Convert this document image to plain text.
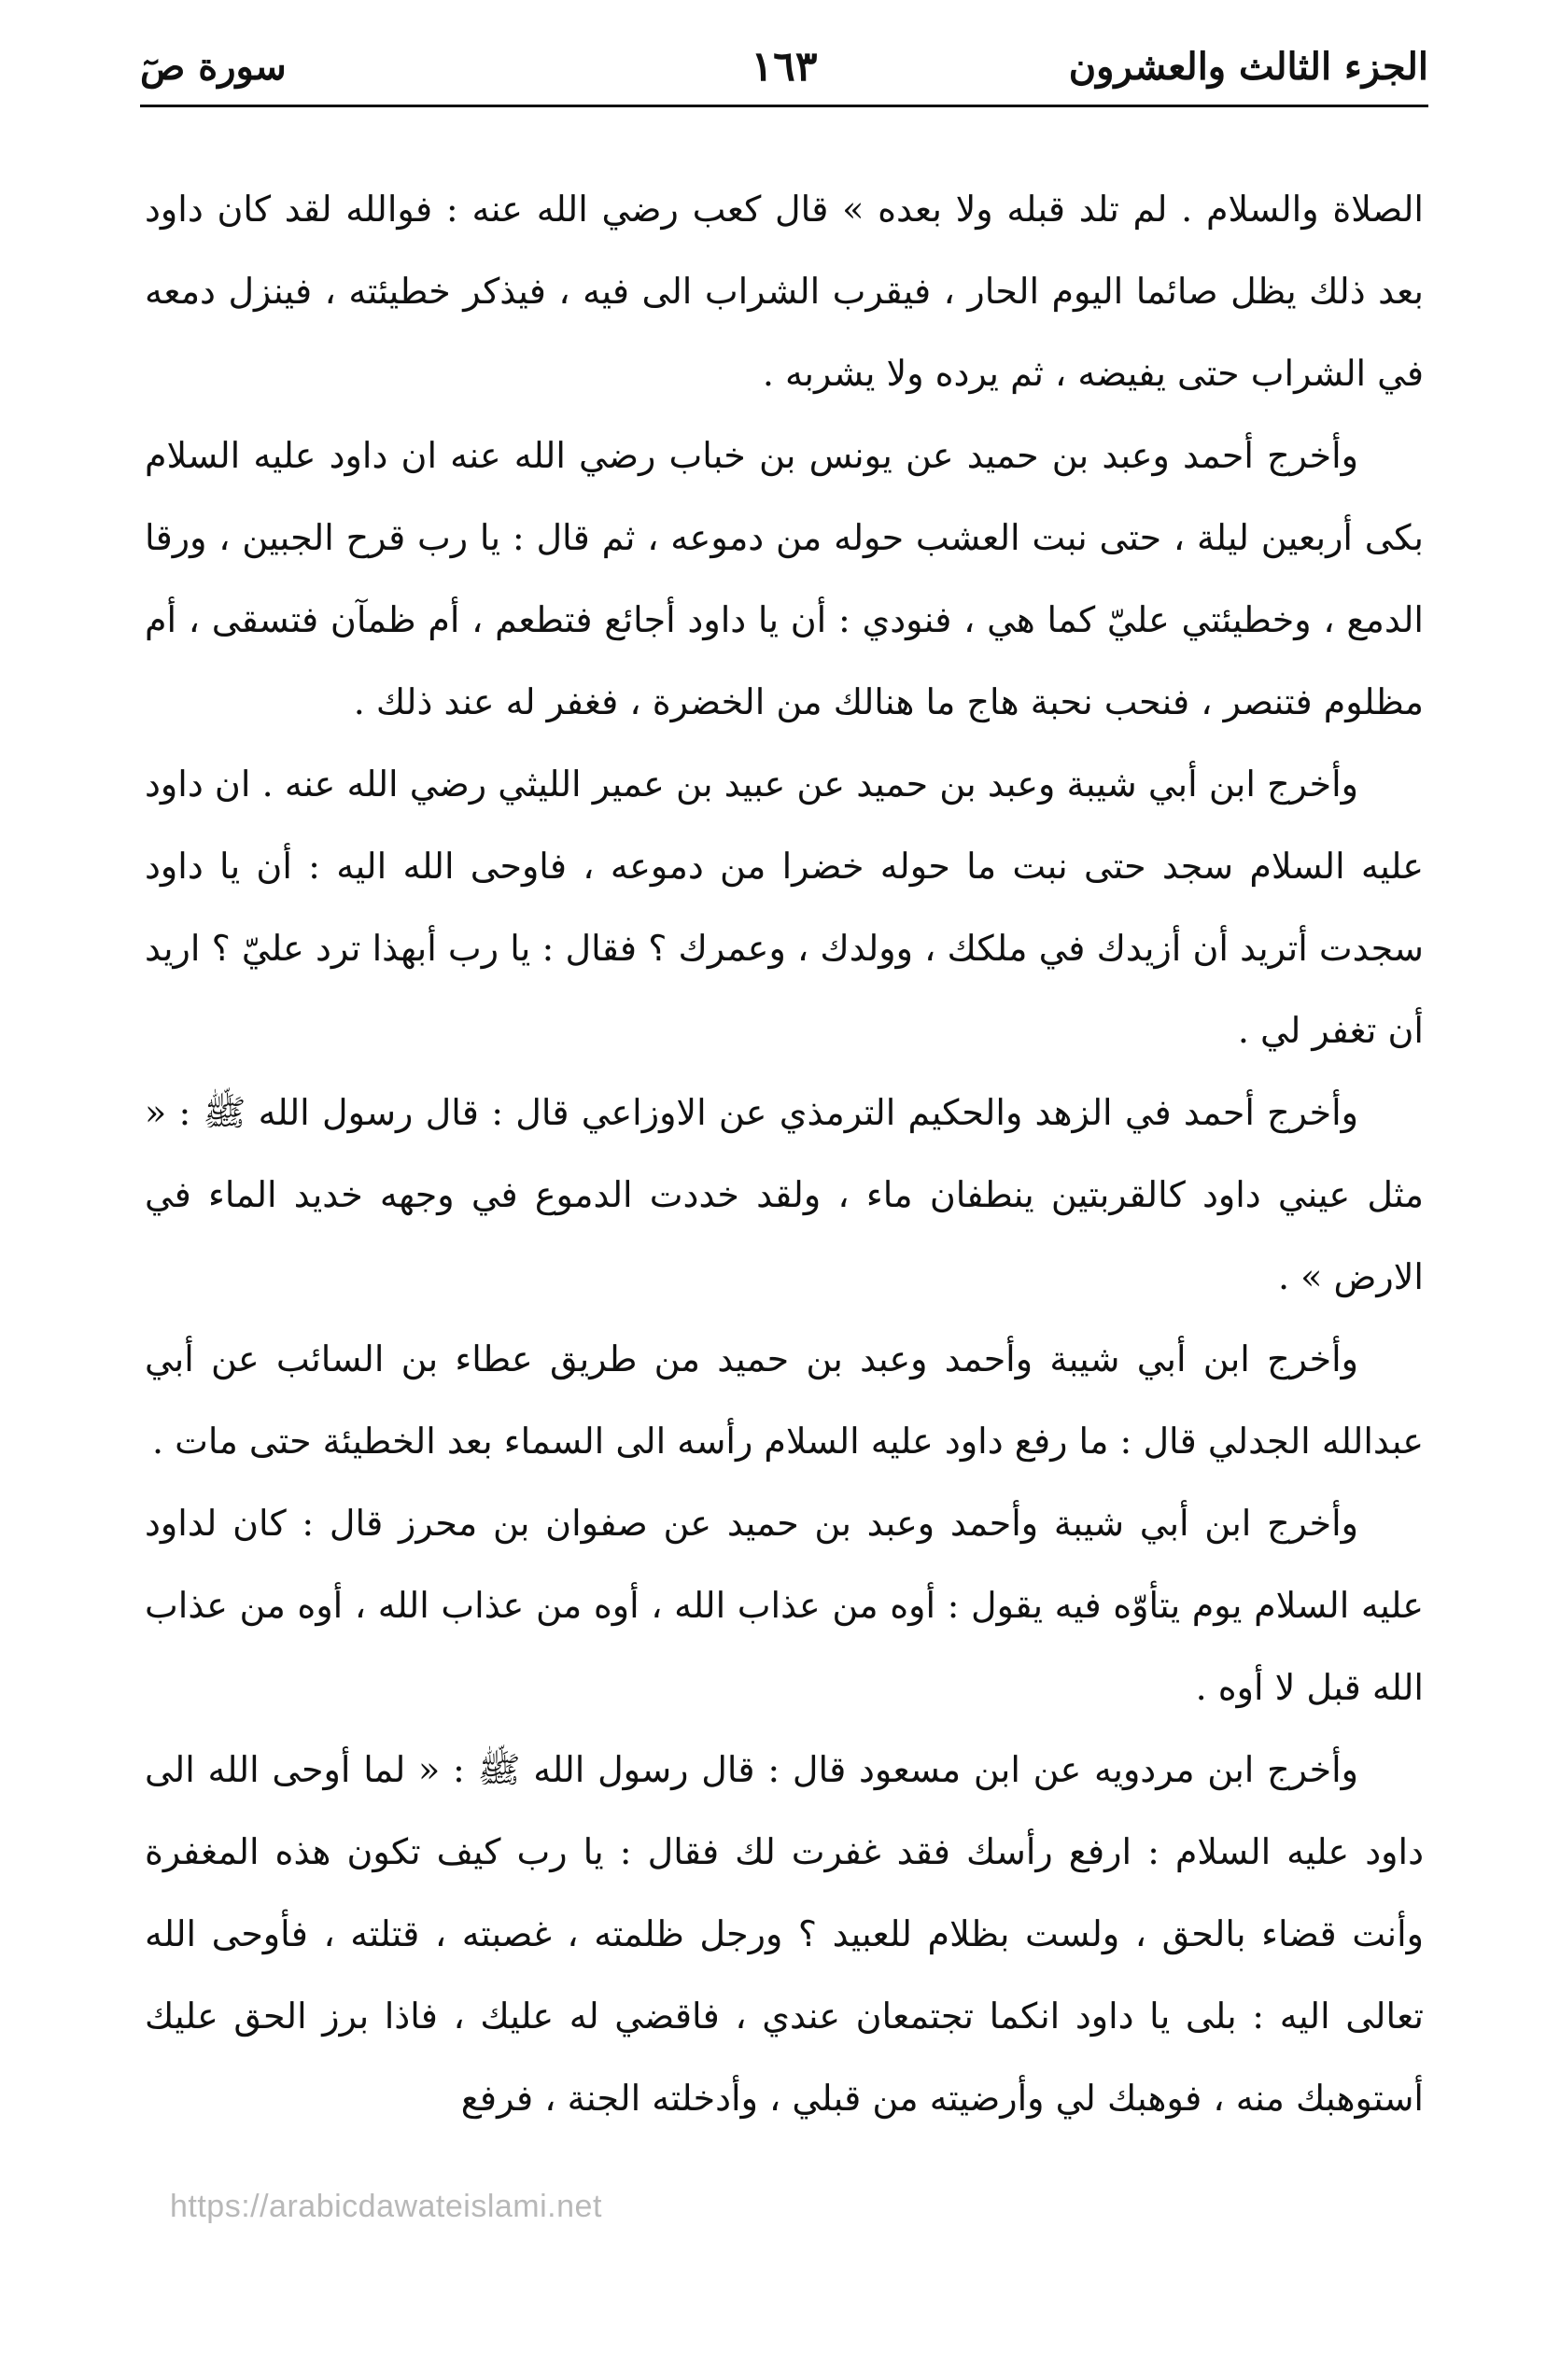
الجزء الثالث والعشرون
١٦٣
سورة صٓ

الصلاة والسلام . لم تلد قبله ولا بعده » قال كعب رضي الله عنه : فوالله لقد كان داود بعد ذلك يظل صائما اليوم الحار ، فيقرب الشراب الى فيه ، فيذكر خطيئته ، فينزل دمعه في الشراب حتى يفيضه ، ثم يرده ولا يشربه .

وأخرج أحمد وعبد بن حميد عن يونس بن خباب رضي الله عنه ان داود عليه السلام بكى أربعين ليلة ، حتى نبت العشب حوله من دموعه ، ثم قال : يا رب قرح الجبين ، ورقا الدمع ، وخطيئتي عليّ كما هي ، فنودي : أن يا داود أجائع فتطعم ، أم ظمآن فتسقى ، أم مظلوم فتنصر ، فنحب نحبة هاج ما هنالك من الخضرة ، فغفر له عند ذلك .

وأخرج ابن أبي شيبة وعبد بن حميد عن عبيد بن عمير الليثي رضي الله عنه . ان داود عليه السلام سجد حتى نبت ما حوله خضرا من دموعه ، فاوحى الله اليه : أن يا داود سجدت أتريد أن أزيدك في ملكك ، وولدك ، وعمرك ؟ فقال : يا رب أبهذا ترد عليّ ؟ اريد أن تغفر لي .

وأخرج أحمد في الزهد والحكيم الترمذي عن الاوزاعي قال : قال رسول الله ﷺ : « مثل عيني داود كالقربتين ينطفان ماء ، ولقد خددت الدموع في وجهه خديد الماء في الارض » .

وأخرج ابن أبي شيبة وأحمد وعبد بن حميد من طريق عطاء بن السائب عن أبي عبدالله الجدلي قال : ما رفع داود عليه السلام رأسه الى السماء بعد الخطيئة حتى مات .

وأخرج ابن أبي شيبة وأحمد وعبد بن حميد عن صفوان بن محرز قال : كان لداود عليه السلام يوم يتأوّه فيه يقول : أوه من عذاب الله ، أوه من عذاب الله ، أوه من عذاب الله قبل لا أوه .

وأخرج ابن مردويه عن ابن مسعود قال : قال رسول الله ﷺ : « لما أوحى الله الى داود عليه السلام : ارفع رأسك فقد غفرت لك فقال : يا رب كيف تكون هذه المغفرة وأنت قضاء بالحق ، ولست بظلام للعبيد ؟ ورجل ظلمته ، غصبته ، قتلته ، فأوحى الله تعالى اليه : بلى يا داود انكما تجتمعان عندي ، فاقضي له عليك ، فاذا برز الحق عليك أستوهبك منه ، فوهبك لي وأرضيته من قبلي ، وأدخلته الجنة ، فرفع

https://arabicdawateislami.net
